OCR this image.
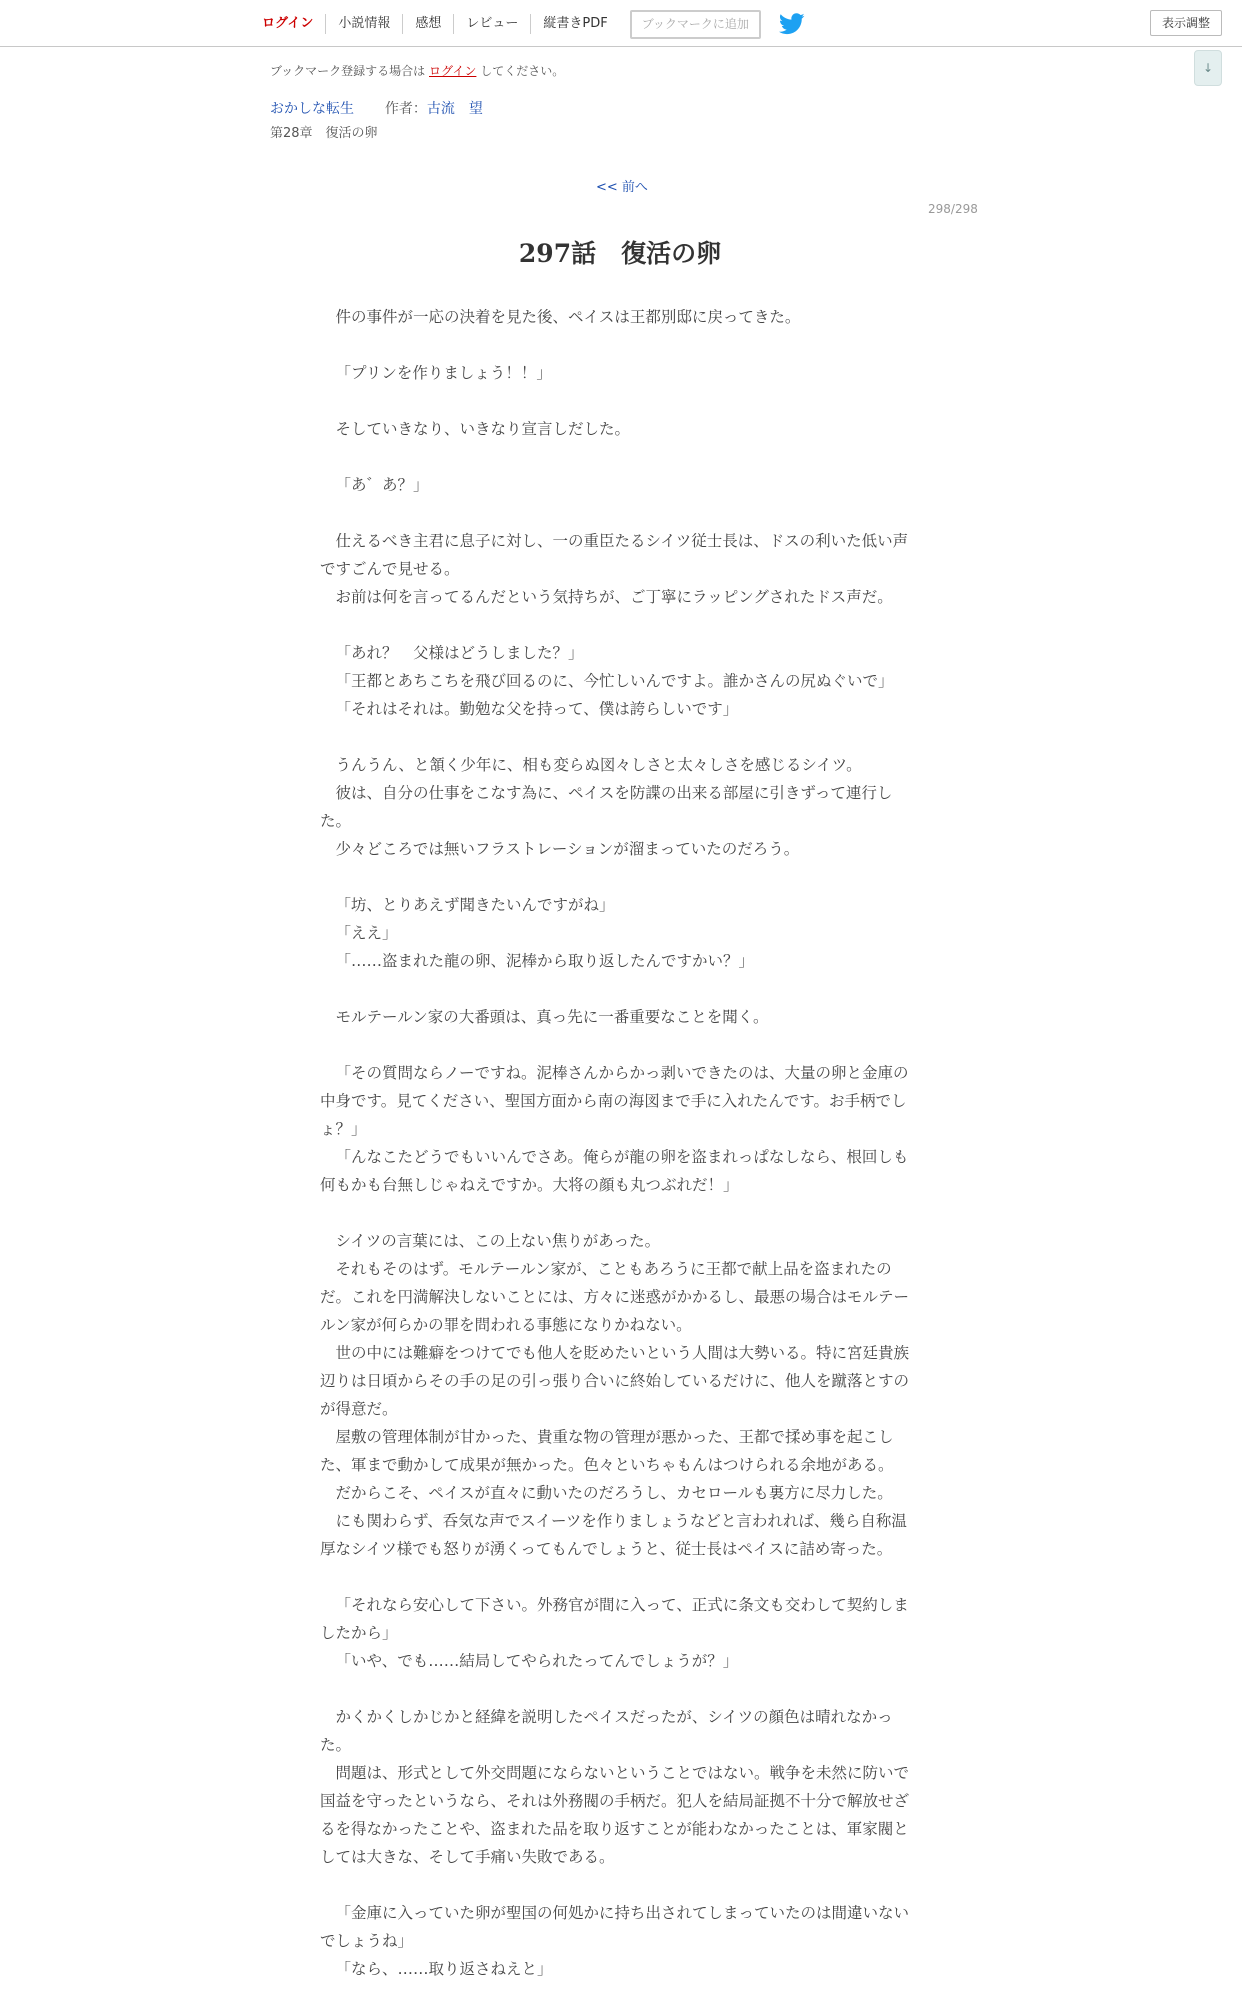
ログイン	小説情報	感想	レビュー	縦書きPDF	ブックマークに追加	表示調整
↓
ブックマーク登録する場合は ログイン してください。
おかしな転生 作者：古流　望
第28章　復活の卵
<< 前へ
298/298
297話　復活の卵

件の事件が一応の決着を見た後、ペイスは王都別邸に戻ってきた。

「プリンを作りましょう！！」

そしていきなり、いきなり宣言しだした。

「あ゛あ？」

仕えるべき主君に息子に対し、一の重臣たるシイツ従士長は、ドスの利いた低い声ですごんで見せる。

お前は何を言ってるんだという気持ちが、ご丁寧にラッピングされたドス声だ。

「あれ？　父様はどうしました？」

「王都とあちこちを飛び回るのに、今忙しいんですよ。誰かさんの尻ぬぐいで」

「それはそれは。勤勉な父を持って、僕は誇らしいです」

うんうん、と頷く少年に、相も変らぬ図々しさと太々しさを感じるシイツ。

彼は、自分の仕事をこなす為に、ペイスを防諜の出来る部屋に引きずって連行した。

少々どころでは無いフラストレーションが溜まっていたのだろう。

「坊、とりあえず聞きたいんですがね」

「ええ」

「……盗まれた龍の卵、泥棒から取り返したんですかい？」

モルテールン家の大番頭は、真っ先に一番重要なことを聞く。

「その質問ならノーですね。泥棒さんからかっ剥いできたのは、大量の卵と金庫の中身です。見てください、聖国方面から南の海図まで手に入れたんです。お手柄でしょ？」

「んなこたどうでもいいんでさあ。俺らが龍の卵を盗まれっぱなしなら、根回しも何もかも台無しじゃねえですか。大将の顔も丸つぶれだ！」

シイツの言葉には、この上ない焦りがあった。

それもそのはず。モルテールン家が、こともあろうに王都で献上品を盗まれたのだ。これを円満解決しないことには、方々に迷惑がかかるし、最悪の場合はモルテールン家が何らかの罪を問われる事態になりかねない。

世の中には難癖をつけてでも他人を貶めたいという人間は大勢いる。特に宮廷貴族辺りは日頃からその手の足の引っ張り合いに終始しているだけに、他人を蹴落とすのが得意だ。

屋敷の管理体制が甘かった、貴重な物の管理が悪かった、王都で揉め事を起こした、軍まで動かして成果が無かった。色々といちゃもんはつけられる余地がある。

だからこそ、ペイスが直々に動いたのだろうし、カセロールも裏方に尽力した。

にも関わらず、呑気な声でスイーツを作りましょうなどと言われれば、幾ら自称温厚なシイツ様でも怒りが湧くってもんでしょうと、従士長はペイスに詰め寄った。

「それなら安心して下さい。外務官が間に入って、正式に条文も交わして契約しましたから」

「いや、でも……結局してやられたってんでしょうが？」

かくかくしかじかと経緯を説明したペイスだったが、シイツの顔色は晴れなかった。

問題は、形式として外交問題にならないということではない。戦争を未然に防いで国益を守ったというなら、それは外務閥の手柄だ。犯人を結局証拠不十分で解放せざるを得なかったことや、盗まれた品を取り返すことが能わなかったことは、軍家閥としては大きな、そして手痛い失敗である。

「金庫に入っていた卵が聖国の何処かに持ち出されてしまっていたのは間違いないでしょうね」

「なら、……取り返さねえと」
